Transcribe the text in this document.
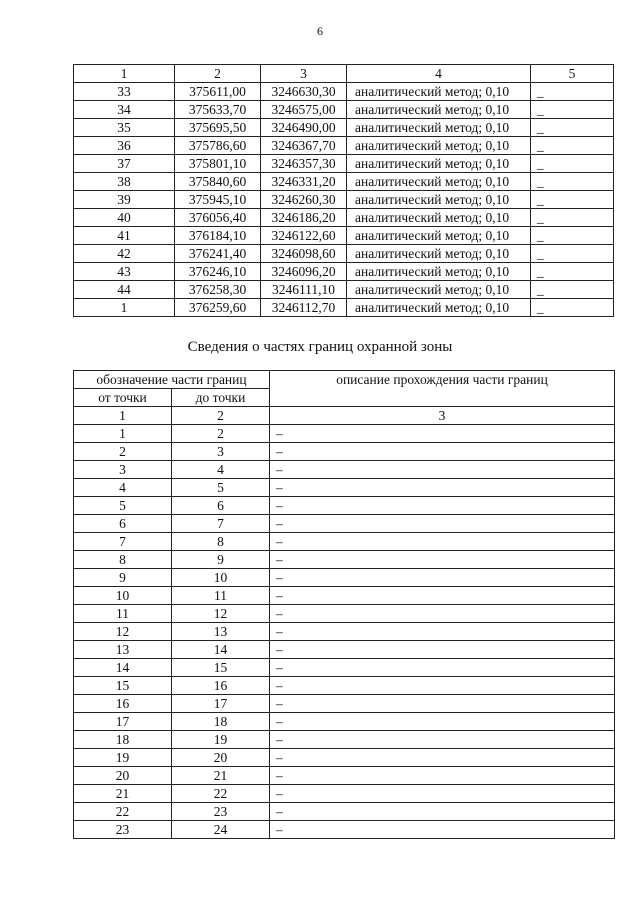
6
1	2	3	4	5
33	375611,00	3246630,30	аналитический метод; 0,10	_
34	375633,70	3246575,00	аналитический метод; 0,10	_
35	375695,50	3246490,00	аналитический метод; 0,10	_
36	375786,60	3246367,70	аналитический метод; 0,10	_
37	375801,10	3246357,30	аналитический метод; 0,10	_
38	375840,60	3246331,20	аналитический метод; 0,10	_
39	375945,10	3246260,30	аналитический метод; 0,10	_
40	376056,40	3246186,20	аналитический метод; 0,10	_
41	376184,10	3246122,60	аналитический метод; 0,10	_
42	376241,40	3246098,60	аналитический метод; 0,10	_
43	376246,10	3246096,20	аналитический метод; 0,10	_
44	376258,30	3246111,10	аналитический метод; 0,10	_
1	376259,60	3246112,70	аналитический метод; 0,10	_
Сведения о частях границ охранной зоны
обозначение части границ		описание прохождения части границ
от точки	до точки	
1	2	3
1	2	–
2	3	–
3	4	–
4	5	–
5	6	–
6	7	–
7	8	–
8	9	–
9	10	–
10	11	–
11	12	–
12	13	–
13	14	–
14	15	–
15	16	–
16	17	–
17	18	–
18	19	–
19	20	–
20	21	–
21	22	–
22	23	–
23	24	–
